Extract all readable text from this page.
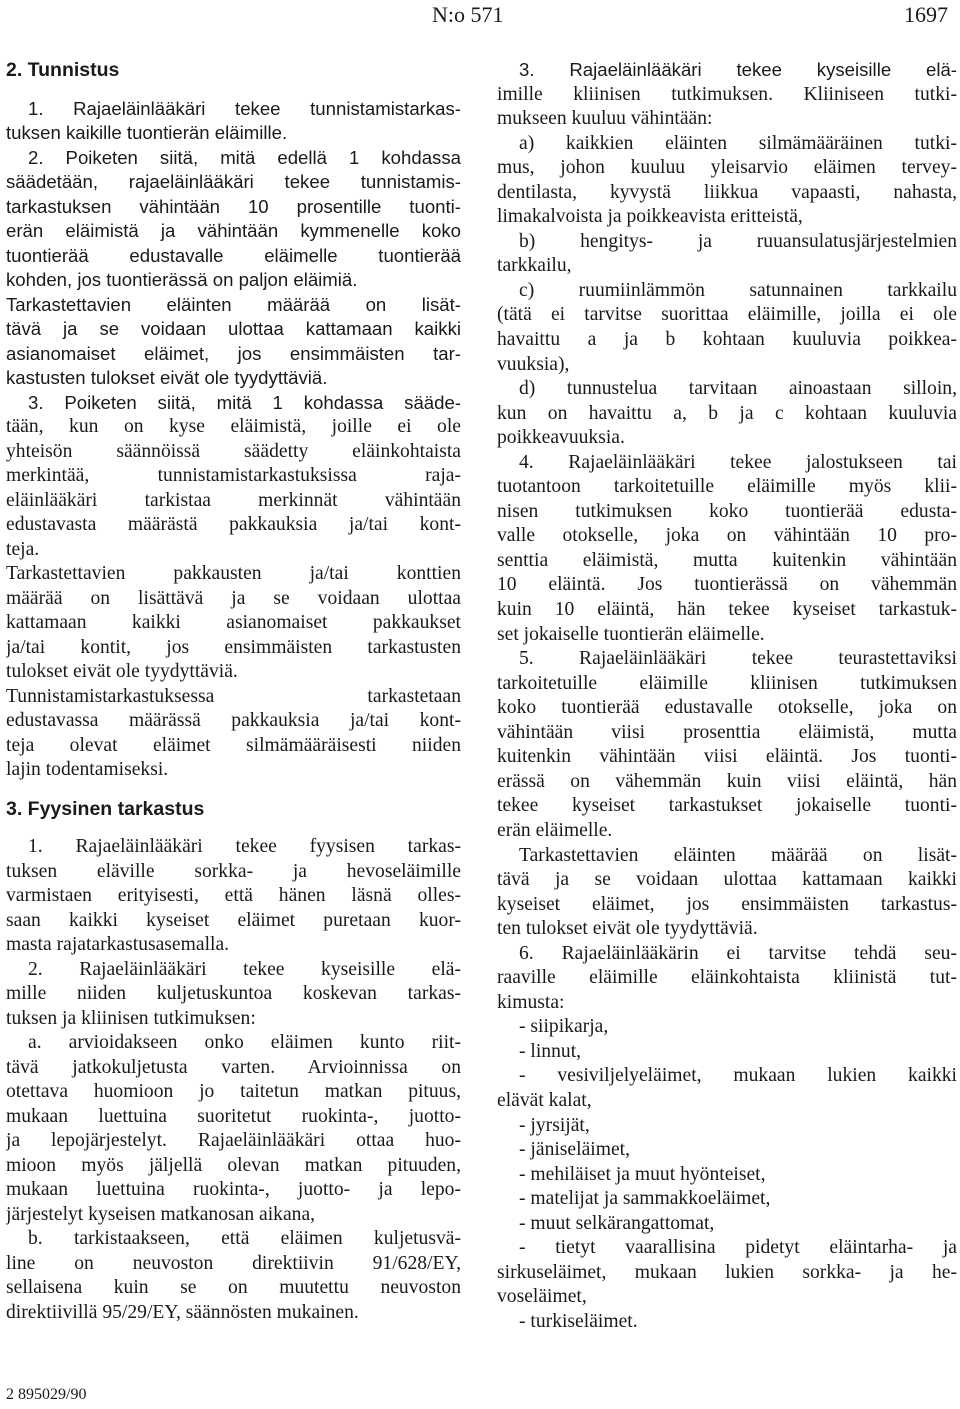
N:o 571	1697
2. Tunnistus
1. Rajaeläinlääkäri tekee tunnistamistarkas-
tuksen kaikille tuontierän eläimille.
2. Poiketen siitä, mitä edellä 1 kohdassa
säädetään, rajaeläinlääkäri tekee tunnistamis-
tarkastuksen vähintään 10 prosentille tuonti-
erän eläimistä ja vähintään kymmenelle koko
tuontierää edustavalle eläimelle tuontierää
kohden, jos tuontierässä on paljon eläimiä.
Tarkastettavien eläinten määrää on lisät-
tävä ja se voidaan ulottaa kattamaan kaikki
asianomaiset eläimet, jos ensimmäisten tar-
kastusten tulokset eivät ole tyydyttäviä.
3. Poiketen siitä, mitä 1 kohdassa sääde-
tään, kun on kyse eläimistä, joille ei ole
yhteisön säännöissä säädetty eläinkohtaista
merkintää, tunnistamistarkastuksissa raja-
eläinlääkäri tarkistaa merkinnät vähintään
edustavasta määrästä pakkauksia ja/tai kont-
teja.
Tarkastettavien pakkausten ja/tai konttien
määrää on lisättävä ja se voidaan ulottaa
kattamaan kaikki asianomaiset pakkaukset
ja/tai kontit, jos ensimmäisten tarkastusten
tulokset eivät ole tyydyttäviä.
Tunnistamistarkastuksessa tarkastetaan
edustavassa määrässä pakkauksia ja/tai kont-
teja olevat eläimet silmämääräisesti niiden
lajin todentamiseksi.
3. Fyysinen tarkastus
1. Rajaeläinlääkäri tekee fyysisen tarkas-
tuksen eläville sorkka- ja hevoseläimille
varmistaen erityisesti, että hänen läsnä olles-
saan kaikki kyseiset eläimet puretaan kuor-
masta rajatarkastusasemalla.
2. Rajaeläinlääkäri tekee kyseisille elä-
mille niiden kuljetuskuntoa koskevan tarkas-
tuksen ja kliinisen tutkimuksen:
a. arvioidakseen onko eläimen kunto riit-
tävä jatkokuljetusta varten. Arvioinnissa on
otettava huomioon jo taitetun matkan pituus,
mukaan luettuina suoritetut ruokinta-, juotto-
ja lepojärjestelyt. Rajaeläinlääkäri ottaa huo-
mioon myös jäljellä olevan matkan pituuden,
mukaan luettuina ruokinta-, juotto- ja lepo-
järjestelyt kyseisen matkanosan aikana,
b. tarkistaakseen, että eläimen kuljetusvä-
line on neuvoston direktiivin 91/628/EY,
sellaisena kuin se on muutettu neuvoston
direktiivillä 95/29/EY, säännösten mukainen.
3. Rajaeläinlääkäri tekee kyseisille elä-
imille kliinisen tutkimuksen. Kliiniseen tutki-
mukseen kuuluu vähintään:
a) kaikkien eläinten silmämääräinen tutki-
mus, johon kuuluu yleisarvio eläimen tervey-
dentilasta, kyvystä liikkua vapaasti, nahasta,
limakalvoista ja poikkeavista eritteistä,
b) hengitys- ja ruuansulatusjärjestelmien
tarkkailu,
c) ruumiinlämmön satunnainen tarkkailu
(tätä ei tarvitse suorittaa eläimille, joilla ei ole
havaittu a ja b kohtaan kuuluvia poikkea-
vuuksia),
d) tunnustelua tarvitaan ainoastaan silloin,
kun on havaittu a, b ja c kohtaan kuuluvia
poikkeavuuksia.
4. Rajaeläinlääkäri tekee jalostukseen tai
tuotantoon tarkoitetuille eläimille myös klii-
nisen tutkimuksen koko tuontierää edusta-
valle otokselle, joka on vähintään 10 pro-
senttia eläimistä, mutta kuitenkin vähintään
10 eläintä. Jos tuontierässä on vähemmän
kuin 10 eläintä, hän tekee kyseiset tarkastuk-
set jokaiselle tuontierän eläimelle.
5. Rajaeläinlääkäri tekee teurastettaviksi
tarkoitetuille eläimille kliinisen tutkimuksen
koko tuontierää edustavalle otokselle, joka on
vähintään viisi prosenttia eläimistä, mutta
kuitenkin vähintään viisi eläintä. Jos tuonti-
erässä on vähemmän kuin viisi eläintä, hän
tekee kyseiset tarkastukset jokaiselle tuonti-
erän eläimelle.
Tarkastettavien eläinten määrää on lisät-
tävä ja se voidaan ulottaa kattamaan kaikki
kyseiset eläimet, jos ensimmäisten tarkastus-
ten tulokset eivät ole tyydyttäviä.
6. Rajaeläinlääkärin ei tarvitse tehdä seu-
raaville eläimille eläinkohtaista kliinistä tut-
kimusta:
- siipikarja,
- linnut,
- vesiviljelyeläimet, mukaan lukien kaikki
elävät kalat,
- jyrsijät,
- jäniseläimet,
- mehiläiset ja muut hyönteiset,
- matelijat ja sammakkoeläimet,
- muut selkärangattomat,
- tietyt vaarallisina pidetyt eläintarha- ja
sirkuseläimet, mukaan lukien sorkka- ja he-
voseläimet,
- turkiseläimet.
2 895029/90
